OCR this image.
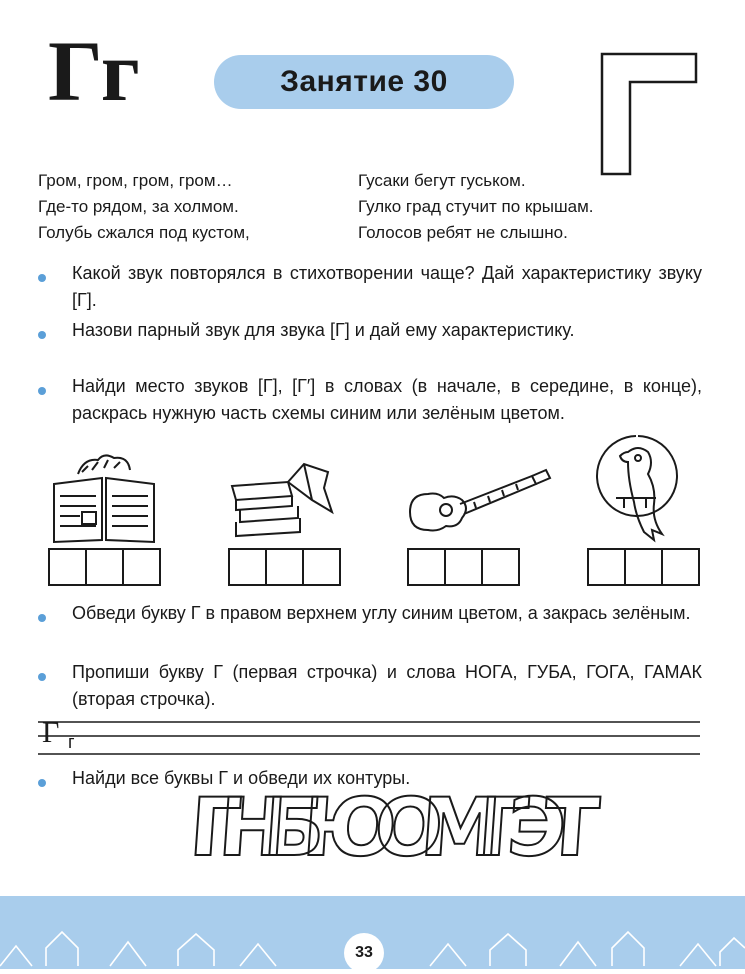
Гг	Занятие 30
Гром, гром, гром, гром…
Где-то рядом, за холмом.
Голубь сжался под кустом,
Гусаки бегут гуськом.
Гулко град стучит по крышам.
Голосов ребят не слышно.
Какой звук повторялся в стихотворении чаще? Дай характеристику звуку [Г].
Назови парный звук для звука [Г] и дай ему характеристику.
Найди место звуков [Г], [Г′] в словах (в начале, в середине, в конце), раскрась нужную часть схемы синим или зелёным цветом.
Обведи букву Г в правом верхнем углу синим цветом, а закрась зелёным.
Пропиши букву Г (первая строчка) и слова НОГА, ГУБА, ГОГА, ГАМАК (вторая строчка).
Г г
Найди все буквы Г и обведи их контуры.
ГНБЮОМГЭТ
33
